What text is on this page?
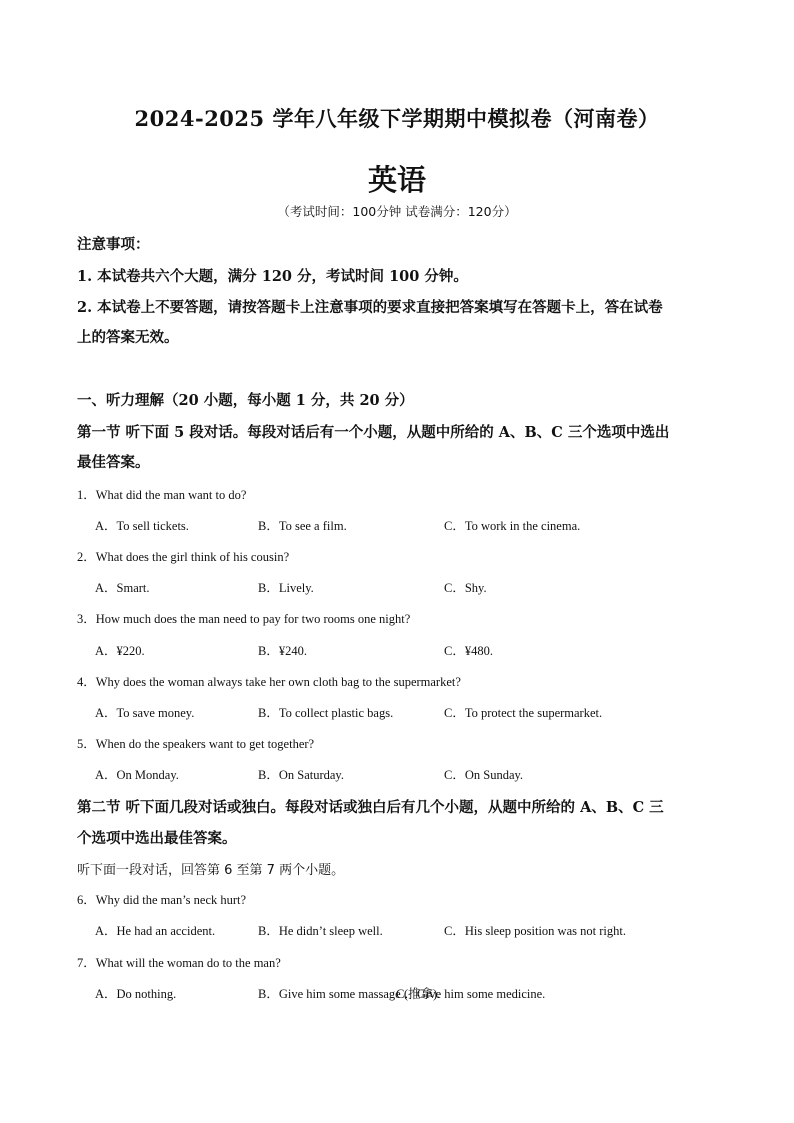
2024-2025 学年八年级下学期期中模拟卷（河南卷）
英语
（考试时间：100分钟 试卷满分：120分）
注意事项：
1. 本试卷共六个大题，满分 120 分，考试时间 100 分钟。
2. 本试卷上不要答题，请按答题卡上注意事项的要求直接把答案填写在答题卡上，答在试卷
上的答案无效。
一、听力理解（20 小题，每小题 1 分，共 20 分）
第一节 听下面 5 段对话。每段对话后有一个小题，从题中所给的 A、B、C 三个选项中选出
最佳答案。
1．What did the man want to do?
A．To sell tickets.	B．To see a film.	C．To work in the cinema.
2．What does the girl think of his cousin?
A．Smart.	B．Lively.	C．Shy.
3．How much does the man need to pay for two rooms one night?
A．¥220.	B．¥240.	C．¥480.
4．Why does the woman always take her own cloth bag to the supermarket?
A．To save money.	B．To collect plastic bags.	C．To protect the supermarket.
5．When do the speakers want to get together?
A．On Monday.	B．On Saturday.	C．On Sunday.
第二节 听下面几段对话或独白。每段对话或独白后有几个小题，从题中所给的 A、B、C 三
个选项中选出最佳答案。
听下面一段对话，回答第 6 至第 7 两个小题。
6．Why did the man’s neck hurt?
A．He had an accident.	B．He didn’t sleep well.	C．His sleep position was not right.
7．What will the woman do to the man?
A．Do nothing.	B．Give him some massage (推拿).
C．Give him some medicine.
